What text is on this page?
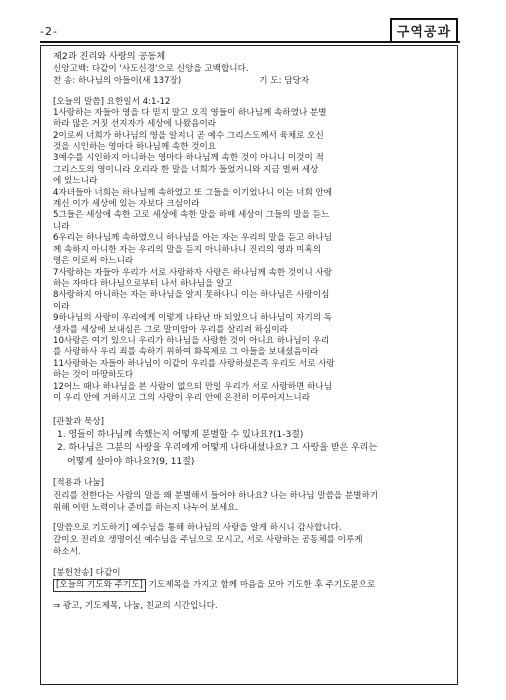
-2-	구역공과
제2과 진리와 사랑의 공동체
신앙고백: 다같이 '사도신경'으로 신앙을 고백합니다.
찬 송: 하나님의 아들이(새 137장)	기 도: 담당자
[오늘의 말씀] 요한일서 4:1-12
1사랑하는 자들아 영을 다 믿지 말고 오직 영들이 하나님께 속하였나 분별
하라 많은 거짓 선지자가 세상에 나왔음이라
2이로써 너희가 하나님의 영을 알지니 곧 예수 그리스도께서 육체로 오신
것을 시인하는 영마다 하나님께 속한 것이요
3예수를 시인하지 아니하는 영마다 하나님께 속한 것이 아니니 이것이 적
그리스도의 영이니라 오리라 한 말을 너희가 들었거니와 지금 벌써 세상
에 있느니라
4자녀들아 너희는 하나님께 속하였고 또 그들을 이기었나니 이는 너희 안에
계신 이가 세상에 있는 자보다 크심이라
5그들은 세상에 속한 고로 세상에 속한 말을 하매 세상이 그들의 말을 듣느
니라
6우리는 하나님께 속하였으니 하나님을 아는 자는 우리의 말을 듣고 하나님
께 속하지 아니한 자는 우리의 말을 듣지 아니하나니 진리의 영과 미혹의
영은 이로써 아느니라
7사랑하는 자들아 우리가 서로 사랑하자 사랑은 하나님께 속한 것이니 사랑
하는 자마다 하나님으로부터 나서 하나님을 알고
8사랑하지 아니하는 자는 하나님을 알지 못하나니 이는 하나님은 사랑이심
이라
9하나님의 사랑이 우리에게 이렇게 나타난 바 되었으니 하나님이 자기의 독
생자를 세상에 보내심은 그로 말미암아 우리를 살리려 하심이라
10사랑은 여기 있으니 우리가 하나님을 사랑한 것이 아니요 하나님이 우리
를 사랑하사 우리 죄를 속하기 위하여 화목제로 그 아들을 보내셨음이라
11사랑하는 자들아 하나님이 이같이 우리를 사랑하셨은즉 우리도 서로 사랑
하는 것이 마땅하도다
12어느 때나 하나님을 본 사람이 없으되 만일 우리가 서로 사랑하면 하나님
이 우리 안에 거하시고 그의 사랑이 우리 안에 온전히 이루어지느니라
[관찰과 묵상]
1. 영들이 하나님께 속했는지 어떻게 분별할 수 있나요?(1-3절)
2. 하나님은 그분의 사랑을 우리에게 어떻게 나타내셨나요? 그 사랑을 받은 우리는
어떻게 살아야 하나요?(9, 11절)
[적용과 나눔]
진리를 전한다는 사람의 말을 왜 분별해서 들어야 하나요? 나는 하나님 말씀을 분별하기
위해 어떤 노력이나 준비를 하는지 나누어 보세요.
[말씀으로 기도하기] 예수님을 통해 하나님의 사랑을 알게 하시니 감사합니다.
갈이오 진리요 생명이신 예수님을 주님으로 모시고, 서로 사랑하는 공동체를 이루게
하소서.
[봉헌찬송] 다같이
[오늘의 기도와 주기도] 기도제목을 가지고 함께 마음을 모아 기도한 후 주기도문으로
⇒ 광고, 기도제목, 나눔, 친교의 시간입니다.
